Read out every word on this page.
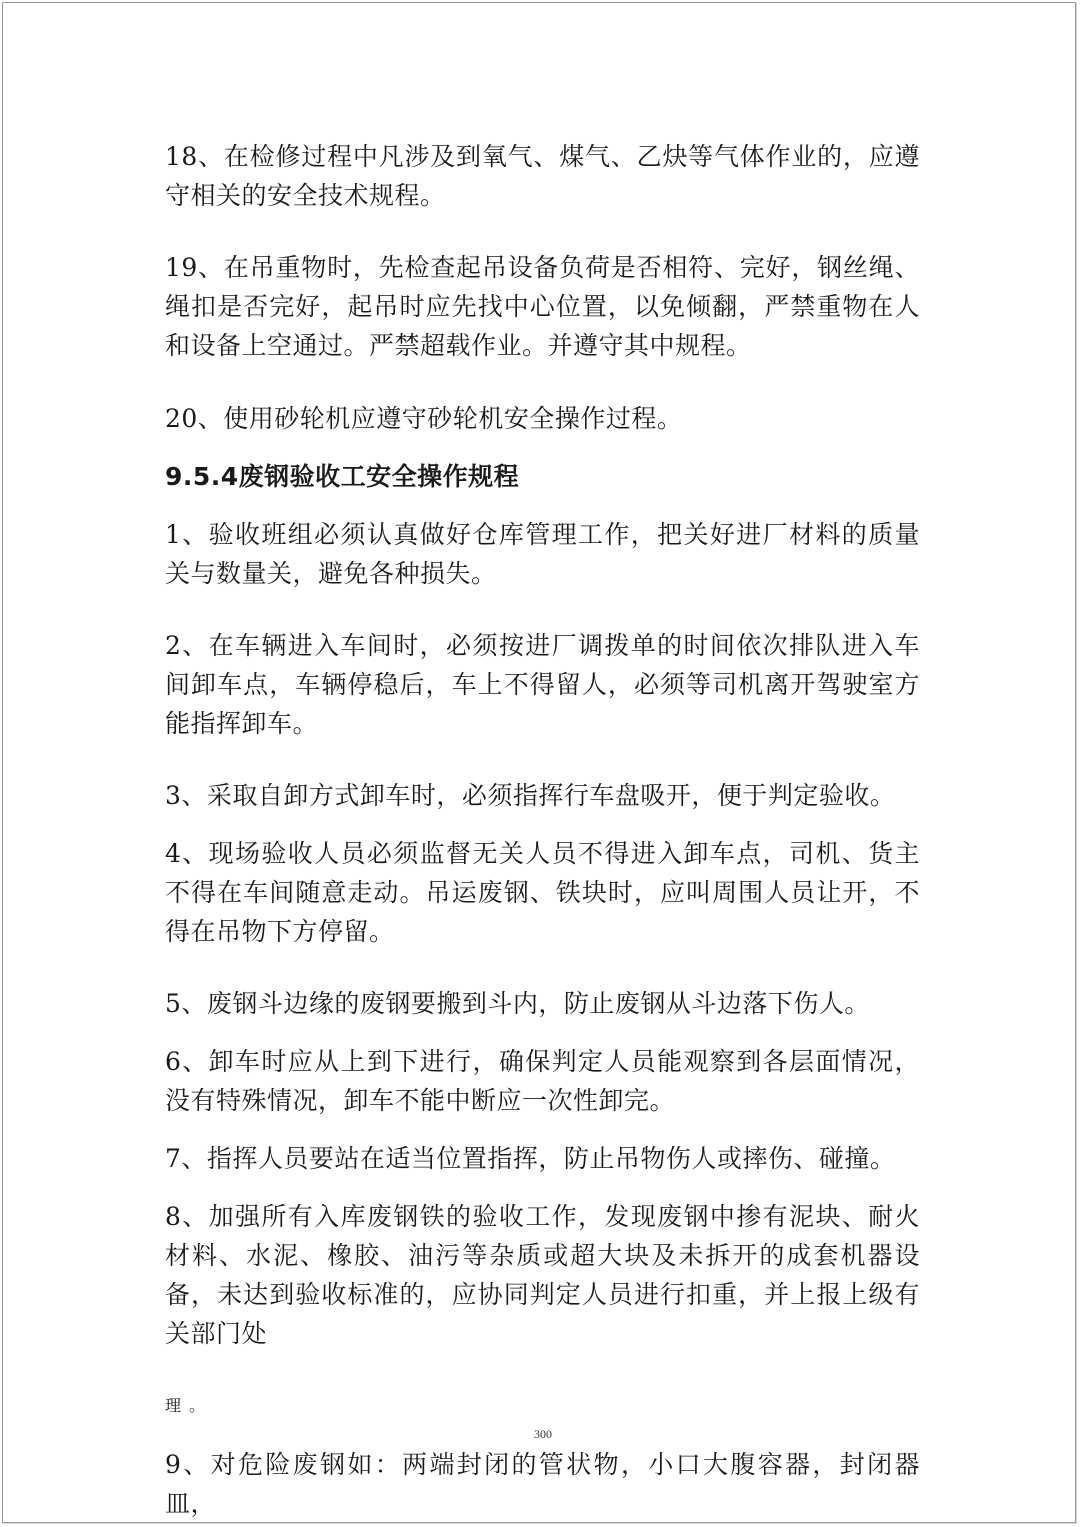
18、在检修过程中凡涉及到氧气、煤气、乙炔等气体作业的，应遵守相关的安全技术规程。

19、在吊重物时，先检查起吊设备负荷是否相符、完好，钢丝绳、绳扣是否完好，起吊时应先找中心位置，以免倾翻，严禁重物在人和设备上空通过。严禁超载作业。并遵守其中规程。

20、使用砂轮机应遵守砂轮机安全操作过程。

9.5.4废钢验收工安全操作规程

1、验收班组必须认真做好仓库管理工作，把关好进厂材料的质量关与数量关，避免各种损失。

2、在车辆进入车间时，必须按进厂调拨单的时间依次排队进入车间卸车点，车辆停稳后，车上不得留人，必须等司机离开驾驶室方能指挥卸车。

3、采取自卸方式卸车时，必须指挥行车盘吸开，便于判定验收。

4、现场验收人员必须监督无关人员不得进入卸车点，司机、货主不得在车间随意走动。吊运废钢、铁块时，应叫周围人员让开，不得在吊物下方停留。

5、废钢斗边缘的废钢要搬到斗内，防止废钢从斗边落下伤人。

6、卸车时应从上到下进行，确保判定人员能观察到各层面情况，没有特殊情况，卸车不能中断应一次性卸完。

7、指挥人员要站在适当位置指挥，防止吊物伤人或摔伤、碰撞。

8、加强所有入库废钢铁的验收工作，发现废钢中掺有泥块、耐火材料、水泥、橡胶、油污等杂质或超大块及未拆开的成套机器设备，未达到验收标准的，应协同判定人员进行扣重，并上报上级有关部门处

理。

9、对危险废钢如：两端封闭的管状物，小口大腹容器，封闭器皿，

300
